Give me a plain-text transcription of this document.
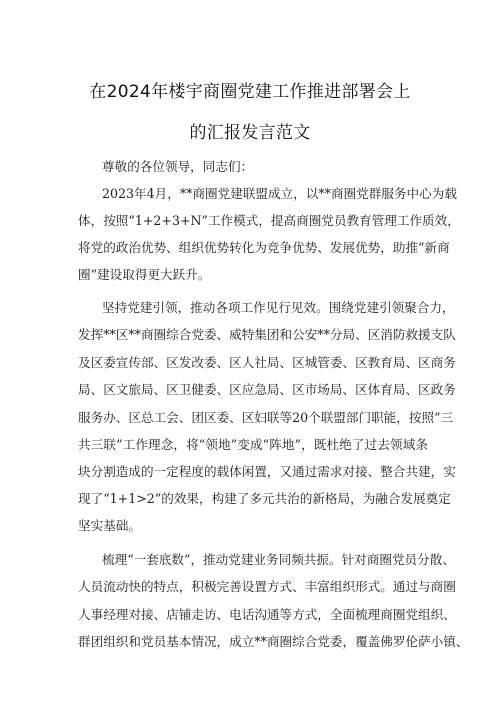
在2024年楼宇商圈党建工作推进部署会上
的汇报发言范文
尊敬的各位领导，同志们：
2023年4月，**商圈党建联盟成立，以**商圈党群服务中心为载
体，按照“1+2+3+N”工作模式，提高商圈党员教育管理工作质效，
将党的政治优势、组织优势转化为竞争优势、发展优势，助推“新商
圈”建设取得更大跃升。
坚持党建引领，推动各项工作见行见效。围绕党建引领聚合力，
发挥**区**商圈综合党委、威特集团和公安**分局、区消防救援支队
及区委宣传部、区发改委、区人社局、区城管委、区教育局、区商务
局、区文旅局、区卫健委、区应急局、区市场局、区体育局、区政务
服务办、区总工会、团区委、区妇联等20个联盟部门职能，按照“三
共三联”工作理念，将“领地”变成“阵地”，既杜绝了过去领域条
块分割造成的一定程度的载体闲置，又通过需求对接、整合共建，实
现了“1+1>2”的效果，构建了多元共治的新格局，为融合发展奠定
坚实基础。
梳理“一套底数”，推动党建业务同频共振。针对商圈党员分散、
人员流动快的特点，积极完善设置方式、丰富组织形式。通过与商圈
人事经理对接、店铺走访、电话沟通等方式，全面梳理商圈党组织、
群团组织和党员基本情况，成立**商圈综合党委，覆盖佛罗伦萨小镇、
